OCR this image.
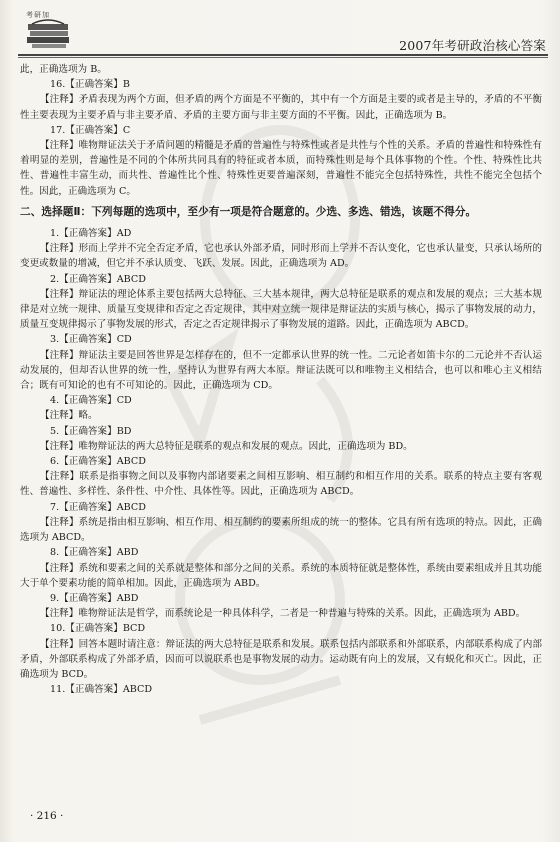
考研加
2007年考研政治核心答案

此，正确选项为 B。

16.【正确答案】B

【注释】矛盾表现为两个方面，但矛盾的两个方面是不平衡的，其中有一个方面是主要的或者是主导的，矛盾的不平衡性主要表现为主要矛盾与非主要矛盾、矛盾的主要方面与非主要方面的不平衡。因此，正确选项为 B。

17.【正确答案】C

【注释】唯物辩证法关于矛盾问题的精髓是矛盾的普遍性与特殊性或者是共性与个性的关系。矛盾的普遍性和特殊性有着明显的差别，普遍性是不同的个体所共同具有的特征或者本质，而特殊性则是每个具体事物的个性。个性、特殊性比共性、普遍性丰富生动，而共性、普遍性比个性、特殊性更要普遍深刻，普遍性不能完全包括特殊性，共性不能完全包括个性。因此，正确选项为 C。

二、选择题Ⅱ：下列每题的选项中，至少有一项是符合题意的。少选、多选、错选，该题不得分。

1.【正确答案】AD

【注释】形而上学并不完全否定矛盾，它也承认外部矛盾，同时形而上学并不否认变化，它也承认量变，只承认场所的变更或数量的增减，但它并不承认质变、飞跃、发展。因此，正确选项为 AD。

2.【正确答案】ABCD

【注释】辩证法的理论体系主要包括两大总特征、三大基本规律，两大总特征是联系的观点和发展的观点；三大基本规律是对立统一规律、质量互变规律和否定之否定规律，其中对立统一规律是辩证法的实质与核心，揭示了事物发展的动力，质量互变规律揭示了事物发展的形式，否定之否定规律揭示了事物发展的道路。因此，正确选项为 ABCD。

3.【正确答案】CD

【注释】辩证法主要是回答世界是怎样存在的，但不一定都承认世界的统一性。二元论者如笛卡尔的二元论并不否认运动发展的，但却否认世界的统一性，坚持认为世界有两大本原。辩证法既可以和唯物主义相结合，也可以和唯心主义相结合；既有可知论的也有不可知论的。因此，正确选项为 CD。

4.【正确答案】CD

【注释】略。

5.【正确答案】BD

【注释】唯物辩证法的两大总特征是联系的观点和发展的观点。因此，正确选项为 BD。

6.【正确答案】ABCD

【注释】联系是指事物之间以及事物内部诸要素之间相互影响、相互制约和相互作用的关系。联系的特点主要有客观性、普遍性、多样性、条件性、中介性、具体性等。因此，正确选项为 ABCD。

7.【正确答案】ABCD

【注释】系统是指由相互影响、相互作用、相互制约的要素所组成的统一的整体。它具有所有选项的特点。因此，正确选项为 ABCD。

8.【正确答案】ABD

【注释】系统和要素之间的关系就是整体和部分之间的关系。系统的本质特征就是整体性，系统由要素组成并且其功能大于单个要素功能的简单相加。因此，正确选项为 ABD。

9.【正确答案】ABD

【注释】唯物辩证法是哲学，而系统论是一种具体科学，二者是一种普遍与特殊的关系。因此，正确选项为 ABD。

10.【正确答案】BCD

【注释】回答本题时请注意：辩证法的两大总特征是联系和发展。联系包括内部联系和外部联系，内部联系构成了内部矛盾，外部联系构成了外部矛盾，因而可以说联系也是事物发展的动力。运动既有向上的发展，又有蜕化和灭亡。因此，正确选项为 BCD。

11.【正确答案】ABCD

· 216 ·
